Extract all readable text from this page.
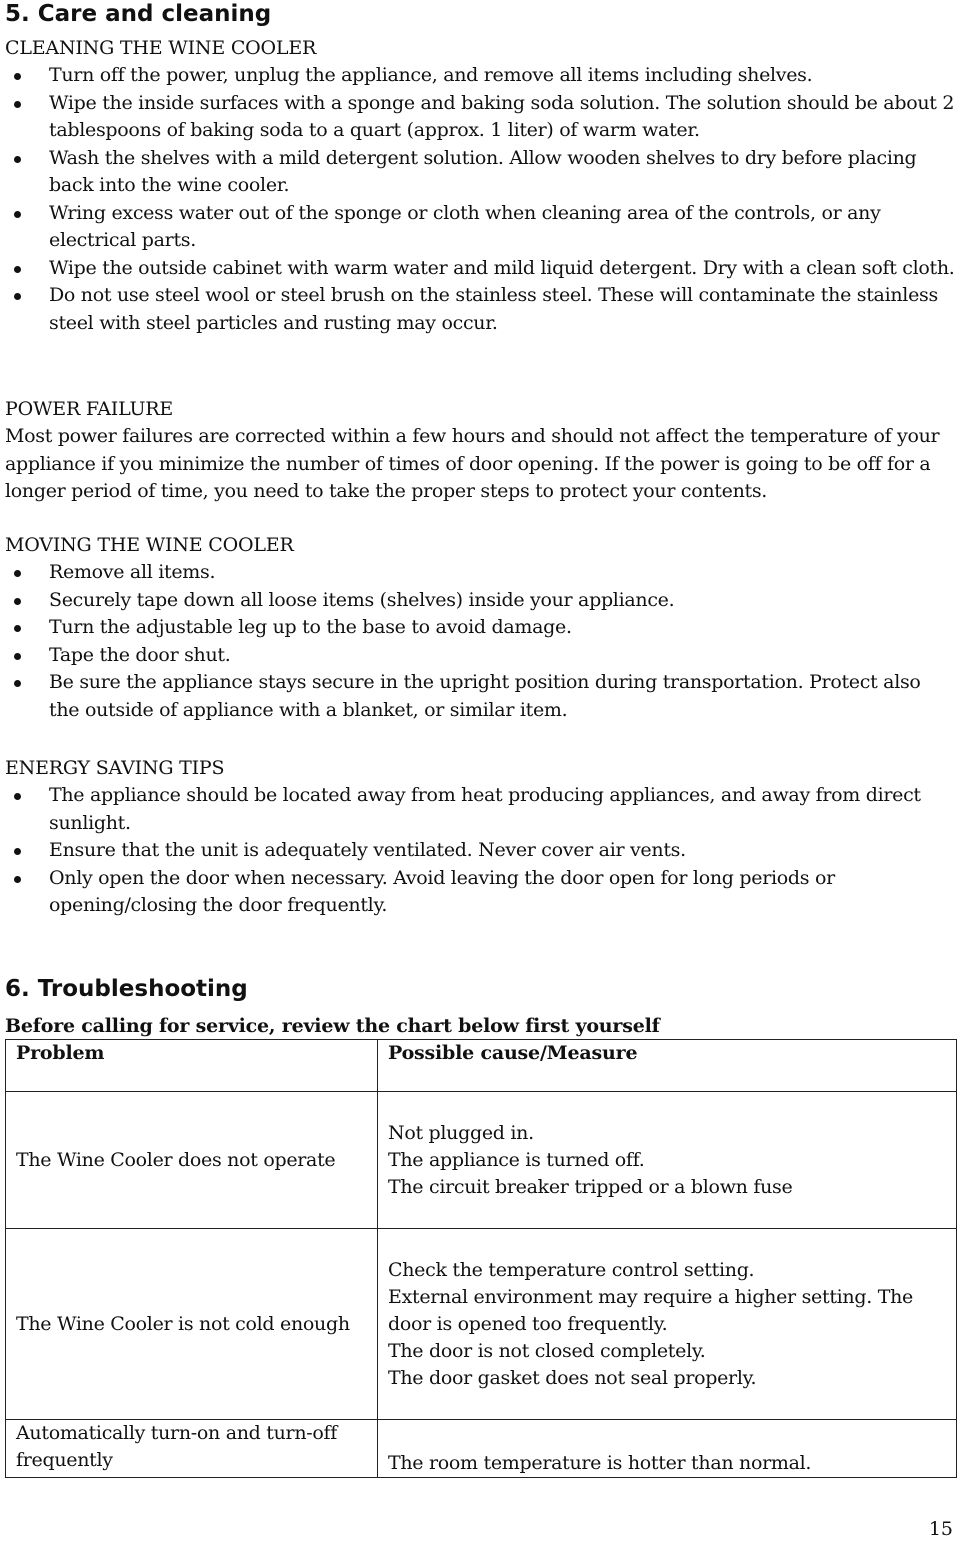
5. Care and cleaning

CLEANING THE WINE COOLER

Turn off the power, unplug the appliance, and remove all items including shelves.
Wipe the inside surfaces with a sponge and baking soda solution. The solution should be about 2 tablespoons of baking soda to a quart (approx. 1 liter) of warm water.
Wash the shelves with a mild detergent solution. Allow wooden shelves to dry before placing back into the wine cooler.
Wring excess water out of the sponge or cloth when cleaning area of the controls, or any electrical parts.
Wipe the outside cabinet with warm water and mild liquid detergent. Dry with a clean soft cloth.
Do not use steel wool or steel brush on the stainless steel. These will contaminate the stainless steel with steel particles and rusting may occur.

POWER FAILURE

Most power failures are corrected within a few hours and should not affect the temperature of your appliance if you minimize the number of times of door opening. If the power is going to be off for a longer period of time, you need to take the proper steps to protect your contents.

MOVING THE WINE COOLER

Remove all items.
Securely tape down all loose items (shelves) inside your appliance.
Turn the adjustable leg up to the base to avoid damage.
Tape the door shut.
Be sure the appliance stays secure in the upright position during transportation. Protect also the outside of appliance with a blanket, or similar item.

ENERGY SAVING TIPS

The appliance should be located away from heat producing appliances, and away from direct sunlight.
Ensure that the unit is adequately ventilated. Never cover air vents.
Only open the door when necessary. Avoid leaving the door open for long periods or opening/closing the door frequently.
6. Troubleshooting

Before calling for service, review the chart below first yourself

Problem	Possible cause/Measure
The Wine Cooler does not operate	Not plugged in.
The appliance is turned off.
The circuit breaker tripped or a blown fuse

The Wine Cooler is not cold enough	Check the temperature control setting.
External environment may require a higher setting. The door is opened too frequently.
The door is not closed completely.
The door gasket does not seal properly.

Automatically turn-on and turn-off frequently	The room temperature is hotter than normal.
15
